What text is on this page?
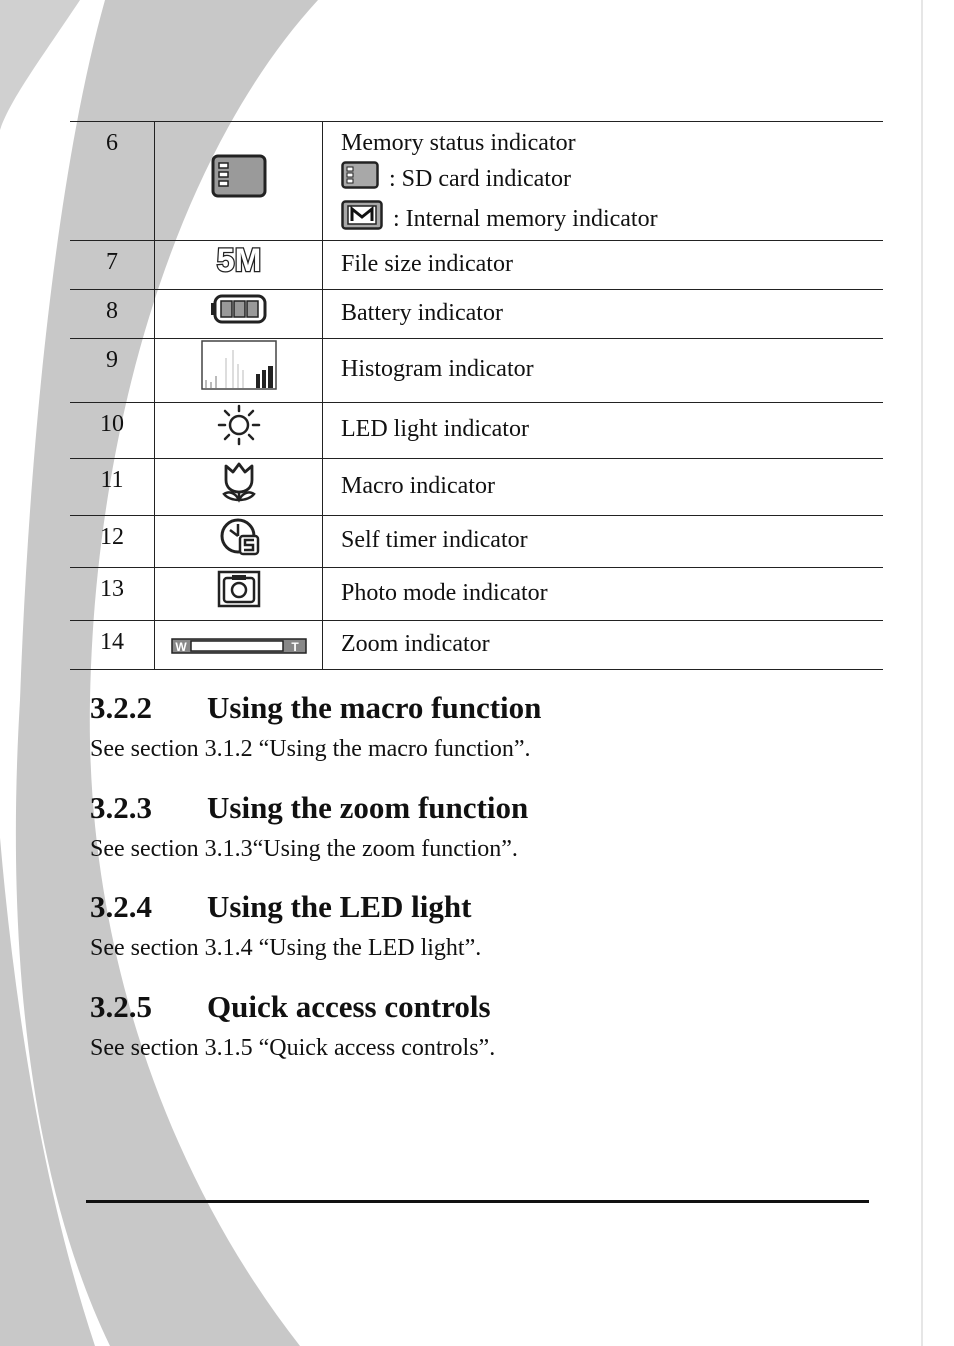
6		Memory status indicator
: SD card indicator
: Internal memory indicator

7	5M	File size indicator
8		Battery indicator
9		Histogram indicator
10		LED light indicator
11		Macro indicator
12		Self timer indicator
13		Photo mode indicator
14	W T	Zoom indicator
3.2.2 Using the macro function

See section 3.1.2 “Using the macro function”.

3.2.3 Using the zoom function

See section 3.1.3“Using the zoom function”.

3.2.4 Using the LED light

See section 3.1.4 “Using the LED light”.

3.2.5 Quick access controls

See section 3.1.5 “Quick access controls”.
